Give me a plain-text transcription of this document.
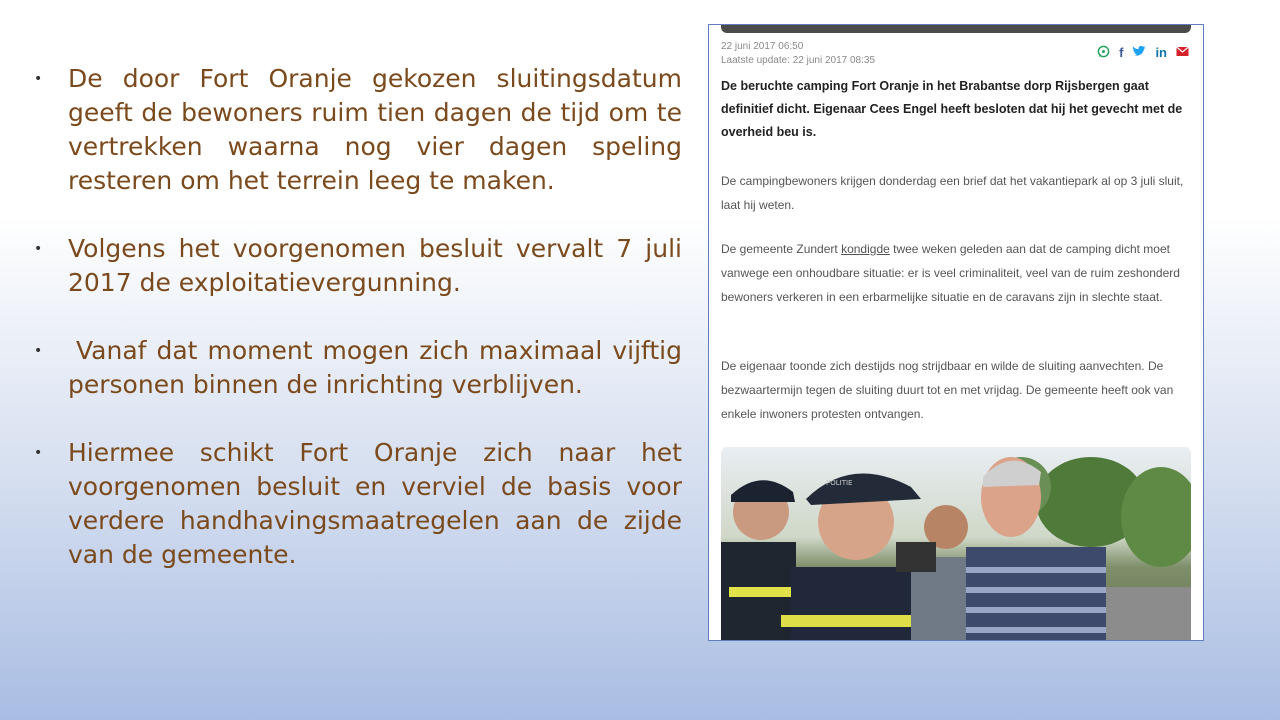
• De door Fort Oranje gekozen sluitingsdatum geeft de bewoners ruim tien dagen de tijd om te vertrekken waarna nog vier dagen speling resteren om het terrein leeg te maken.
• Volgens het voorgenomen besluit vervalt 7 juli 2017 de exploitatievergunning.
• Vanaf dat moment mogen zich maximaal vijftig personen binnen de inrichting verblijven.
• Hiermee schikt Fort Oranje zich naar het voorgenomen besluit en verviel de basis voor verdere handhavingsmaatregelen aan de zijde van de gemeente.
22 juni 2017 06:50
Laatste update: 22 juni 2017 08:35
f in
De beruchte camping Fort Oranje in het Brabantse dorp Rijsbergen gaat definitief dicht. Eigenaar Cees Engel heeft besloten dat hij het gevecht met de overheid beu is.
De campingbewoners krijgen donderdag een brief dat het vakantiepark al op 3 juli sluit, laat hij weten.
De gemeente Zundert kondigde twee weken geleden aan dat de camping dicht moet vanwege een onhoudbare situatie: er is veel criminaliteit, veel van de ruim zeshonderd bewoners verkeren in een erbarmelijke situatie en de caravans zijn in slechte staat.
De eigenaar toonde zich destijds nog strijdbaar en wilde de sluiting aanvechten. De bezwaartermijn tegen de sluiting duurt tot en met vrijdag. De gemeente heeft ook van enkele inwoners protesten ontvangen.
POLITIE
